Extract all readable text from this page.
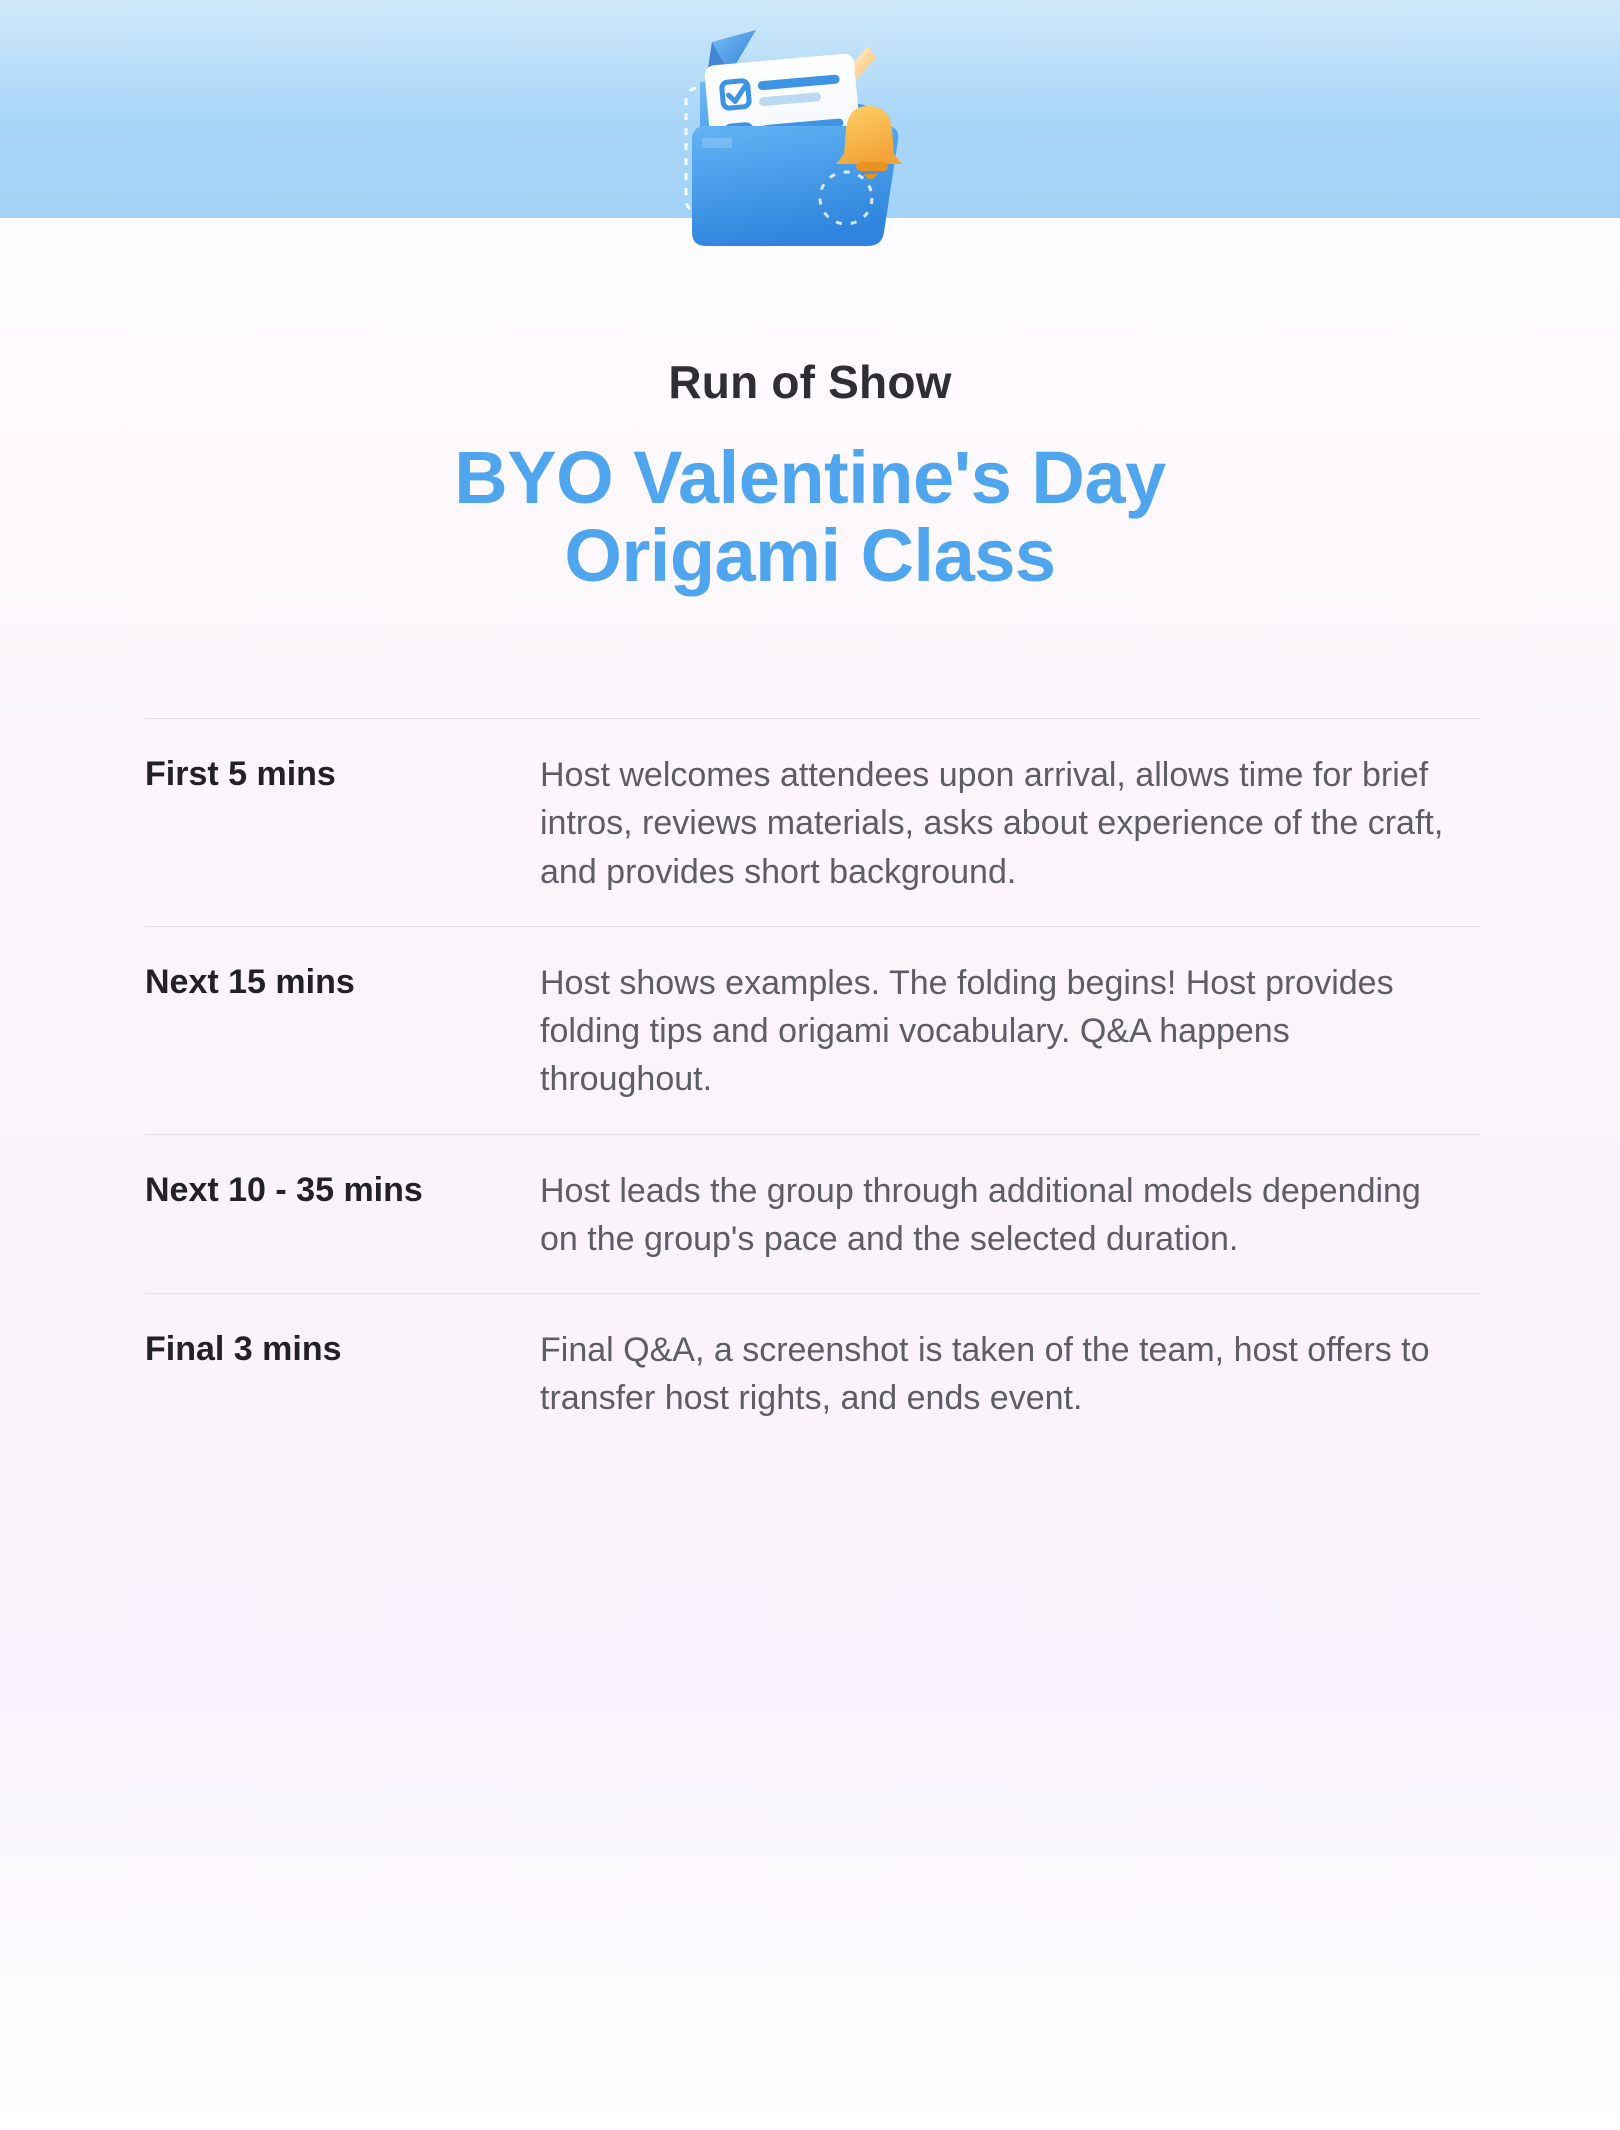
Run of Show

BYO Valentine's Day
Origami Class
First 5 mins	Host welcomes attendees upon arrival, allows time for brief intros, reviews materials, asks about experience of the craft, and provides short background.
Next 15 mins	Host shows examples. The folding begins! Host provides folding tips and origami vocabulary. Q&A happens throughout.
Next 10 - 35 mins	Host leads the group through additional models depending on the group's pace and the selected duration.
Final 3 mins	Final Q&A, a screenshot is taken of the team, host offers to transfer host rights, and ends event.
